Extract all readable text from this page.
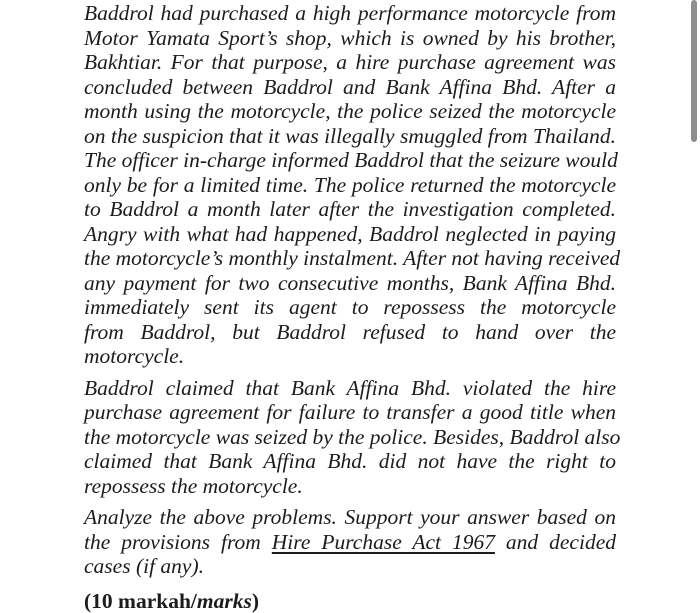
Baddrol had purchased a high performance motorcycle from
Motor Yamata Sport’s shop, which is owned by his brother,
Bakhtiar. For that purpose, a hire purchase agreement was
concluded between Baddrol and Bank Affina Bhd. After a
month using the motorcycle, the police seized the motorcycle
on the suspicion that it was illegally smuggled from Thailand.
The officer in-charge informed Baddrol that the seizure would
only be for a limited time. The police returned the motorcycle
to Baddrol a month later after the investigation completed.
Angry with what had happened, Baddrol neglected in paying
the motorcycle’s monthly instalment. After not having received
any payment for two consecutive months, Bank Affina Bhd.
immediately sent its agent to repossess the motorcycle
from Baddrol, but Baddrol refused to hand over the
motorcycle.

Baddrol claimed that Bank Affina Bhd. violated the hire
purchase agreement for failure to transfer a good title when
the motorcycle was seized by the police. Besides, Baddrol also
claimed that Bank Affina Bhd. did not have the right to
repossess the motorcycle.

Analyze the above problems. Support your answer based on
the provisions from Hire Purchase Act 1967 and decided
cases (if any).

(10 markah/marks)
